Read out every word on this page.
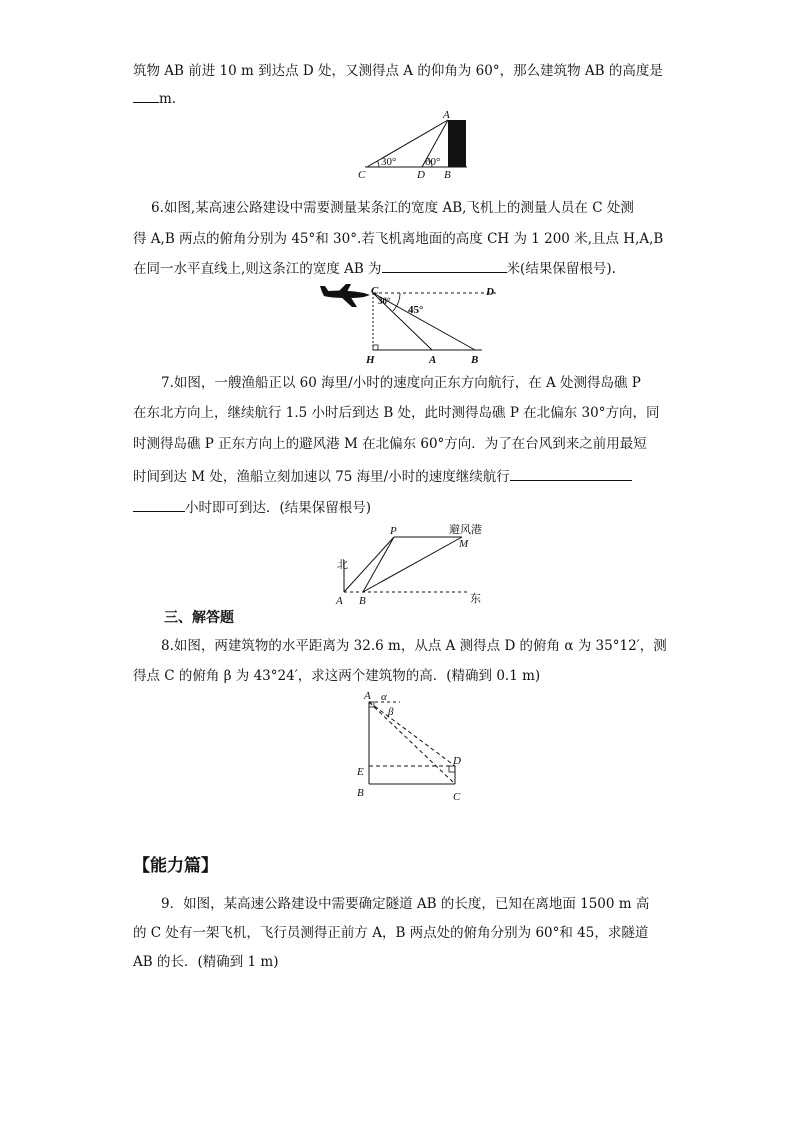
筑物 AB 前进 10 m 到达点 D 处，又测得点 A 的仰角为 60°，那么建筑物 AB 的高度是
m.
A
C	D B
30°	60°
6.如图,某高速公路建设中需要测量某条江的宽度 AB,飞机上的测量人员在 C 处测
得 A,B 两点的俯角分别为 45°和 30°.若飞机离地面的高度 CH 为 1 200 米,且点 H,A,B
在同一水平直线上,则这条江的宽度 AB 为	米(结果保留根号).
C	D
H	A	B
30°
45°
7.如图，一艘渔船正以 60 海里/小时的速度向正东方向航行，在 A 处测得岛礁 P
在东北方向上，继续航行 1.5 小时后到达 B 处，此时测得岛礁 P 在北偏东 30°方向，同
时测得岛礁 P 正东方向上的避风港 M 在北偏东 60°方向．为了在台风到来之前用最短
时间到达 M 处，渔船立刻加速以 75 海里/小时的速度继续航行
小时即可到达．(结果保留根号)
北
东
A B
P
M
避风港
三、解答题
8.如图，两建筑物的水平距离为 32.6 m，从点 A 测得点 D 的俯角 α 为 35°12′，测
得点 C 的俯角 β 为 43°24′，求这两个建筑物的高．(精确到 0.1 m)
A α
β
D
E
B	C
【能力篇】
9．如图，某高速公路建设中需要确定隧道 AB 的长度，已知在离地面 1500 m 高
的 C 处有一架飞机，飞行员测得正前方 A，B 两点处的俯角分别为 60°和 45，求隧道
AB 的长．(精确到 1 m)
